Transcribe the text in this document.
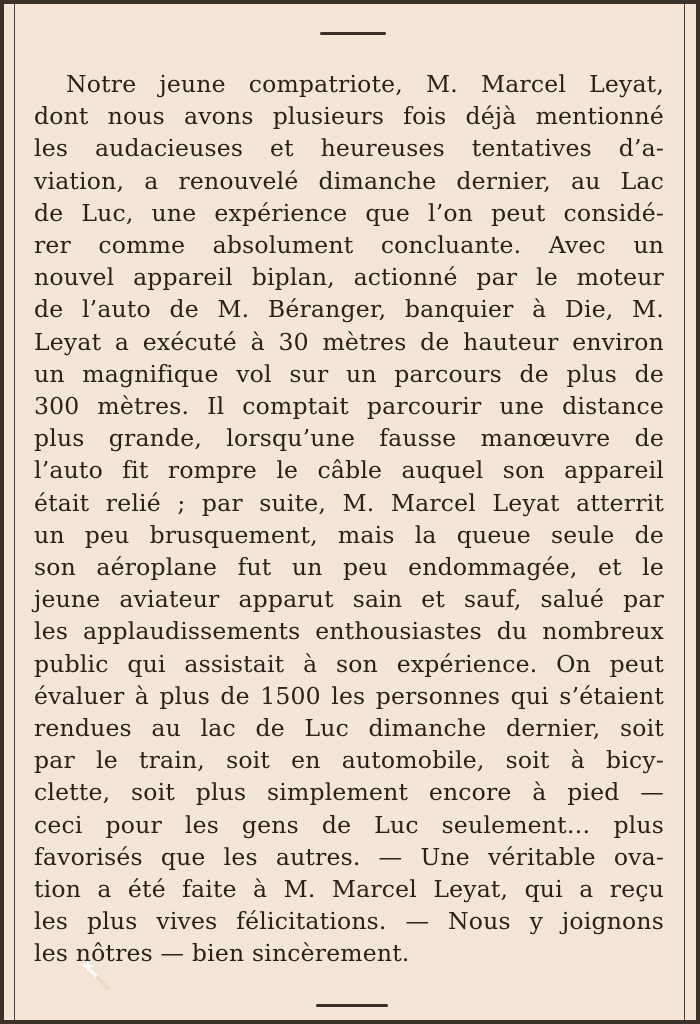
Notre jeune compatriote, M. Marcel Leyat,
dont nous avons plusieurs fois déjà mentionné
les audacieuses et heureuses tentatives d’a-
viation, a renouvelé dimanche dernier, au Lac
de Luc, une expérience que l’on peut considé-
rer comme absolument concluante. Avec un
nouvel appareil biplan, actionné par le moteur
de l’auto de M. Béranger, banquier à Die, M.
Leyat a exécuté à 30 mètres de hauteur environ
un magnifique vol sur un parcours de plus de
300 mètres. Il comptait parcourir une distance
plus grande, lorsqu’une fausse manœuvre de
l’auto fit rompre le câble auquel son appareil
était relié ; par suite, M. Marcel Leyat atterrit
un peu brusquement, mais la queue seule de
son aéroplane fut un peu endommagée, et le
jeune aviateur apparut sain et sauf, salué par
les applaudissements enthousiastes du nombreux
public qui assistait à son expérience. On peut
évaluer à plus de 1500 les personnes qui s’étaient
rendues au lac de Luc dimanche dernier, soit
par le train, soit en automobile, soit à bicy-
clette, soit plus simplement encore à pied —
ceci pour les gens de Luc seulement… plus
favorisés que les autres. — Une véritable ova-
tion a été faite à M. Marcel Leyat, qui a reçu
les plus vives félicitations. — Nous y joignons
les nôtres — bien sincèrement.
